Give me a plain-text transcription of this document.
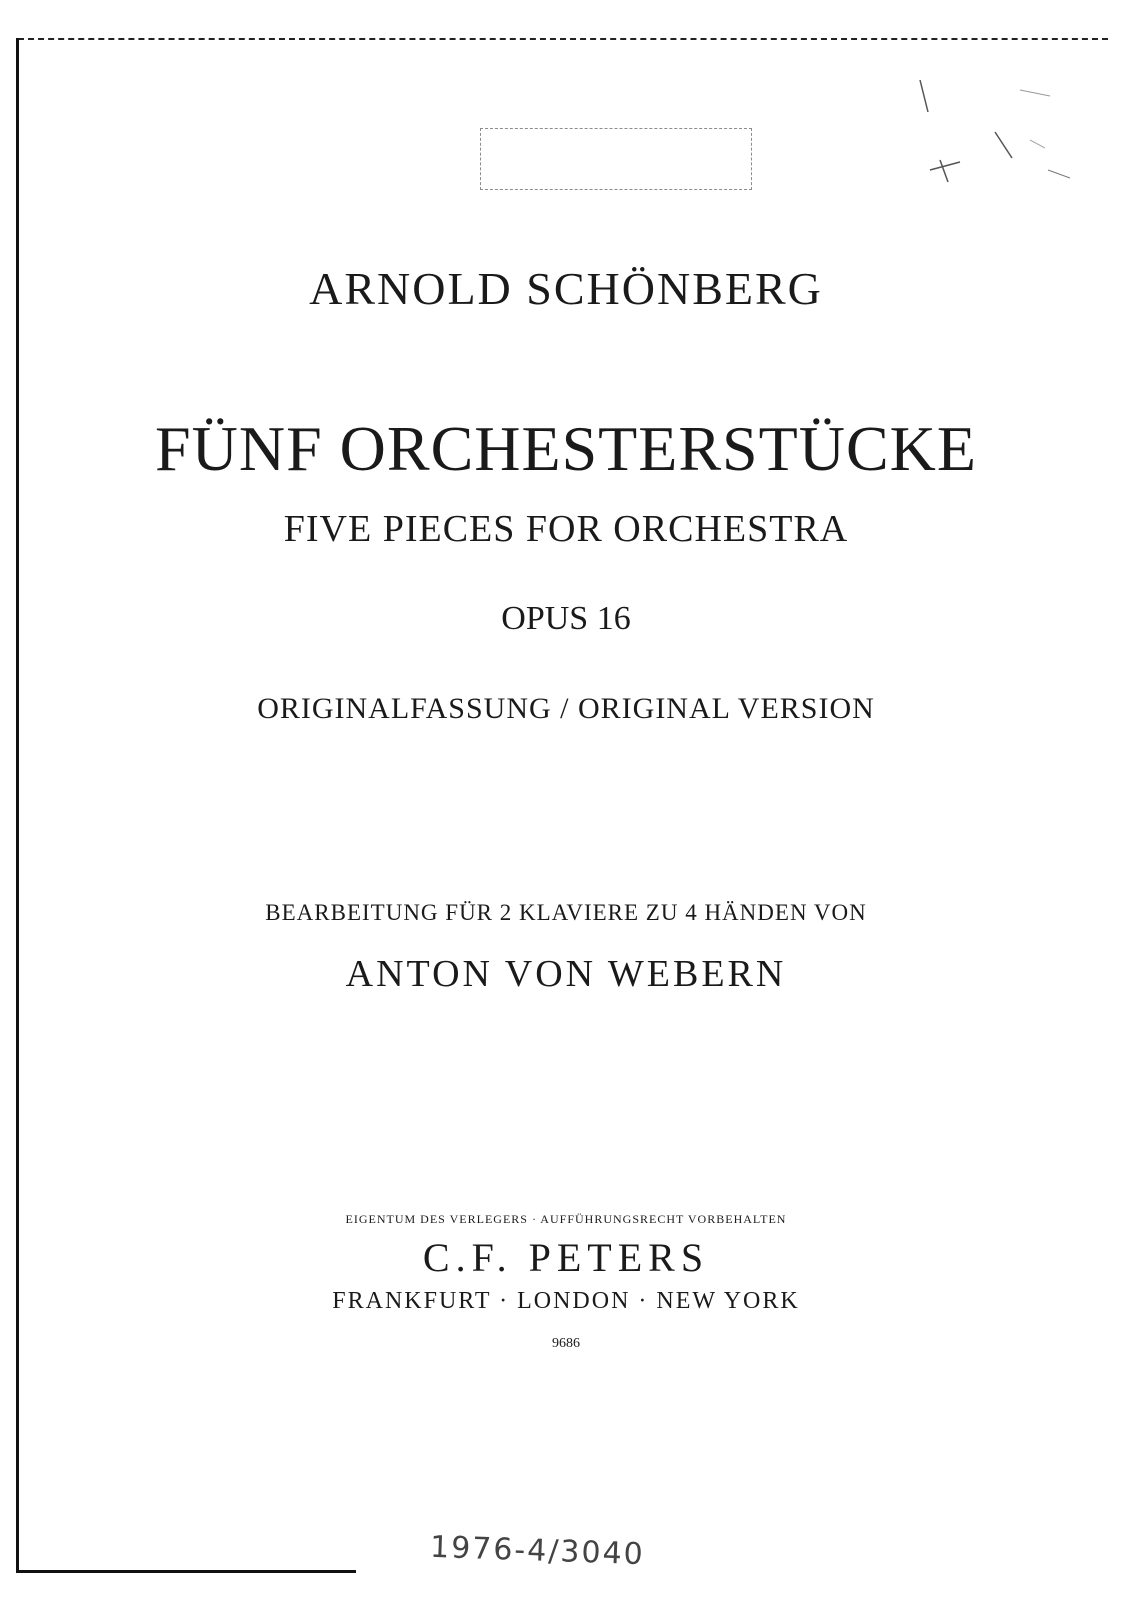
ARNOLD SCHÖNBERG
FÜNF ORCHESTERSTÜCKE
FIVE PIECES FOR ORCHESTRA
OPUS 16
ORIGINALFASSUNG / ORIGINAL VERSION
BEARBEITUNG FÜR 2 KLAVIERE ZU 4 HÄNDEN VON
ANTON VON WEBERN
EIGENTUM DES VERLEGERS · AUFFÜHRUNGSRECHT VORBEHALTEN
C.F. PETERS
FRANKFURT · LONDON · NEW YORK
9686
1976-4/3040
